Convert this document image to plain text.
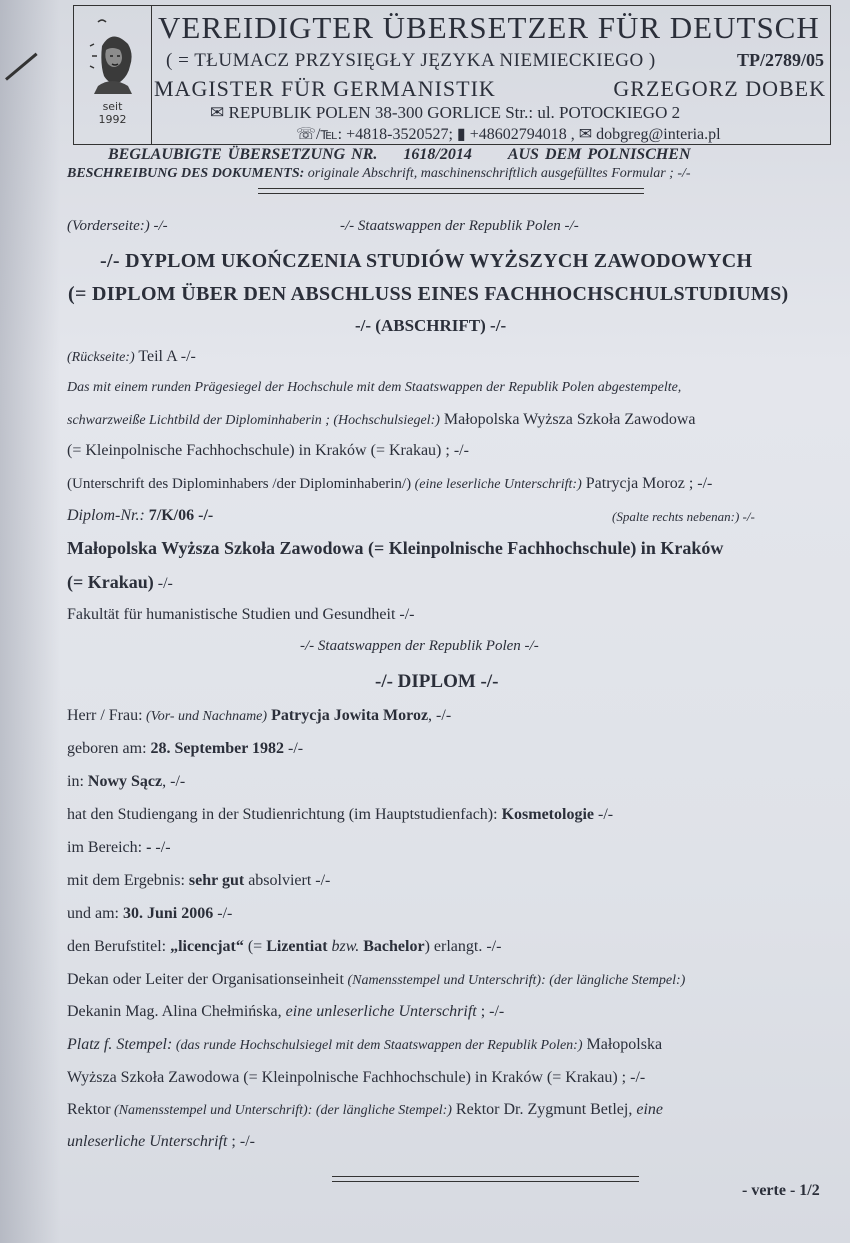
seit
1992
VEREIDIGTER ÜBERSETZER FÜR DEUTSCH
( = TŁUMACZ PRZYSIĘGŁY JĘZYKA NIEMIECKIEGO )	TP/2789/05
MAGISTER FÜR GERMANISTIK	GRZEGORZ DOBEK
✉ REPUBLIK POLEN 38-300 GORLICE Str.: ul. POTOCKIEGO 2
☏/℡: +4818-3520527; ▮ +48602794018 , ✉ dobgreg@interia.pl
BEGLAUBIGTE ÜBERSETZUNG NR. 1618/2014 AUS DEM POLNISCHEN
BESCHREIBUNG DES DOKUMENTS: originale Abschrift, maschinenschriftlich ausgefülltes Formular ; -/-
(Vorderseite:) -/-	-/- Staatswappen der Republik Polen -/-
-/- DYPLOM UKOŃCZENIA STUDIÓW WYŻSZYCH ZAWODOWYCH
(= DIPLOM ÜBER DEN ABSCHLUSS EINES FACHHOCHSCHULSTUDIUMS)
-/- (ABSCHRIFT) -/-
(Rückseite:) Teil A -/-
Das mit einem runden Prägesiegel der Hochschule mit dem Staatswappen der Republik Polen abgestempelte,
schwarzweiße Lichtbild der Diplominhaberin ; (Hochschulsiegel:) Małopolska Wyższa Szkoła Zawodowa
(= Kleinpolnische Fachhochschule) in Kraków (= Krakau) ; -/-
(Unterschrift des Diplominhabers /der Diplominhaberin/) (eine leserliche Unterschrift:) Patrycja Moroz ; -/-
Diplom-Nr.: 7/K/06 -/-	(Spalte rechts nebenan:) -/-
Małopolska Wyższa Szkoła Zawodowa (= Kleinpolnische Fachhochschule) in Kraków
(= Krakau) -/-
Fakultät für humanistische Studien und Gesundheit -/-
-/- Staatswappen der Republik Polen -/-
-/- DIPLOM -/-
Herr / Frau: (Vor- und Nachname) Patrycja Jowita Moroz, -/-
geboren am: 28. September 1982 -/-
in: Nowy Sącz, -/-
hat den Studiengang in der Studienrichtung (im Hauptstudienfach): Kosmetologie -/-
im Bereich: - -/-
mit dem Ergebnis: sehr gut absolviert -/-
und am: 30. Juni 2006 -/-
den Berufstitel: „licencjat“ (= Lizentiat bzw. Bachelor) erlangt. -/-
Dekan oder Leiter der Organisationseinheit (Namensstempel und Unterschrift): (der längliche Stempel:)
Dekanin Mag. Alina Chełmińska, eine unleserliche Unterschrift ; -/-
Platz f. Stempel: (das runde Hochschulsiegel mit dem Staatswappen der Republik Polen:) Małopolska
Wyższa Szkoła Zawodowa (= Kleinpolnische Fachhochschule) in Kraków (= Krakau) ; -/-
Rektor (Namensstempel und Unterschrift): (der längliche Stempel:) Rektor Dr. Zygmunt Betlej, eine
unleserliche Unterschrift ; -/-
- verte - 1/2
